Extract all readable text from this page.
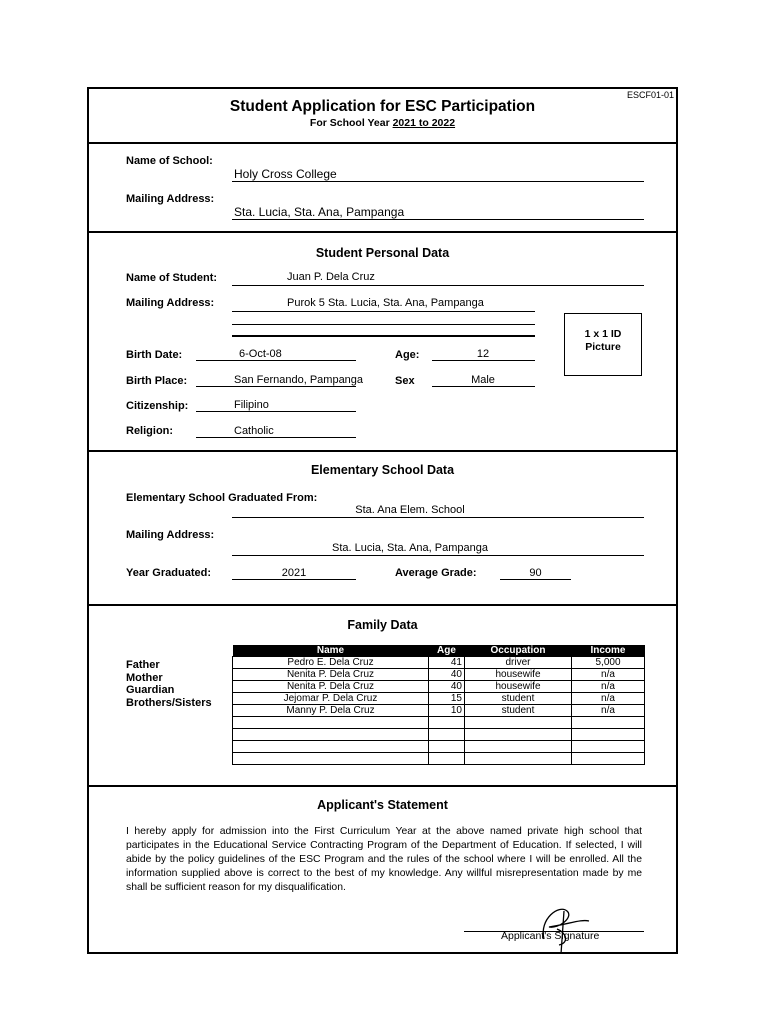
ESCF01-01
Student Application for ESC Participation
For School Year 2021 to 2022
Name of School:
Holy Cross College
Mailing Address:
Sta. Lucia, Sta. Ana, Pampanga
Student Personal Data
Name of Student:	Juan P. Dela Cruz
Mailing Address:	Purok 5 Sta. Lucia, Sta. Ana, Pampanga
1 x 1 ID
Picture
Birth Date:	6-Oct-08	Age:	12
Birth Place:	San Fernando, Pampanga	Sex	Male
Citizenship:	Filipino
Religion:	Catholic
Elementary School Data
Elementary School Graduated From:
Sta. Ana Elem. School
Mailing Address:
Sta. Lucia, Sta. Ana, Pampanga
Year Graduated:	2021	Average Grade:	90
Family Data
Father
Mother
Guardian
Brothers/Sisters
Name	Age	Occupation	Income
Pedro E. Dela Cruz	41	driver	5,000
Nenita P. Dela Cruz	40	housewife	n/a
Nenita P. Dela Cruz	40	housewife	n/a
Jejomar P. Dela Cruz	15	student	n/a
Manny P. Dela Cruz	10	student	n/a

Applicant's Statement
I hereby apply for admission into the First Curriculum Year at the above named private high school that participates in the Educational Service Contracting Program of the Department of Education. If selected, I will abide by the policy guidelines of the ESC Program and the rules of the school where I will be enrolled. All the information supplied above is correct to the best of my knowledge. Any willful misrepresentation made by me shall be sufficient reason for my disqualification.
Applicant's Signature
